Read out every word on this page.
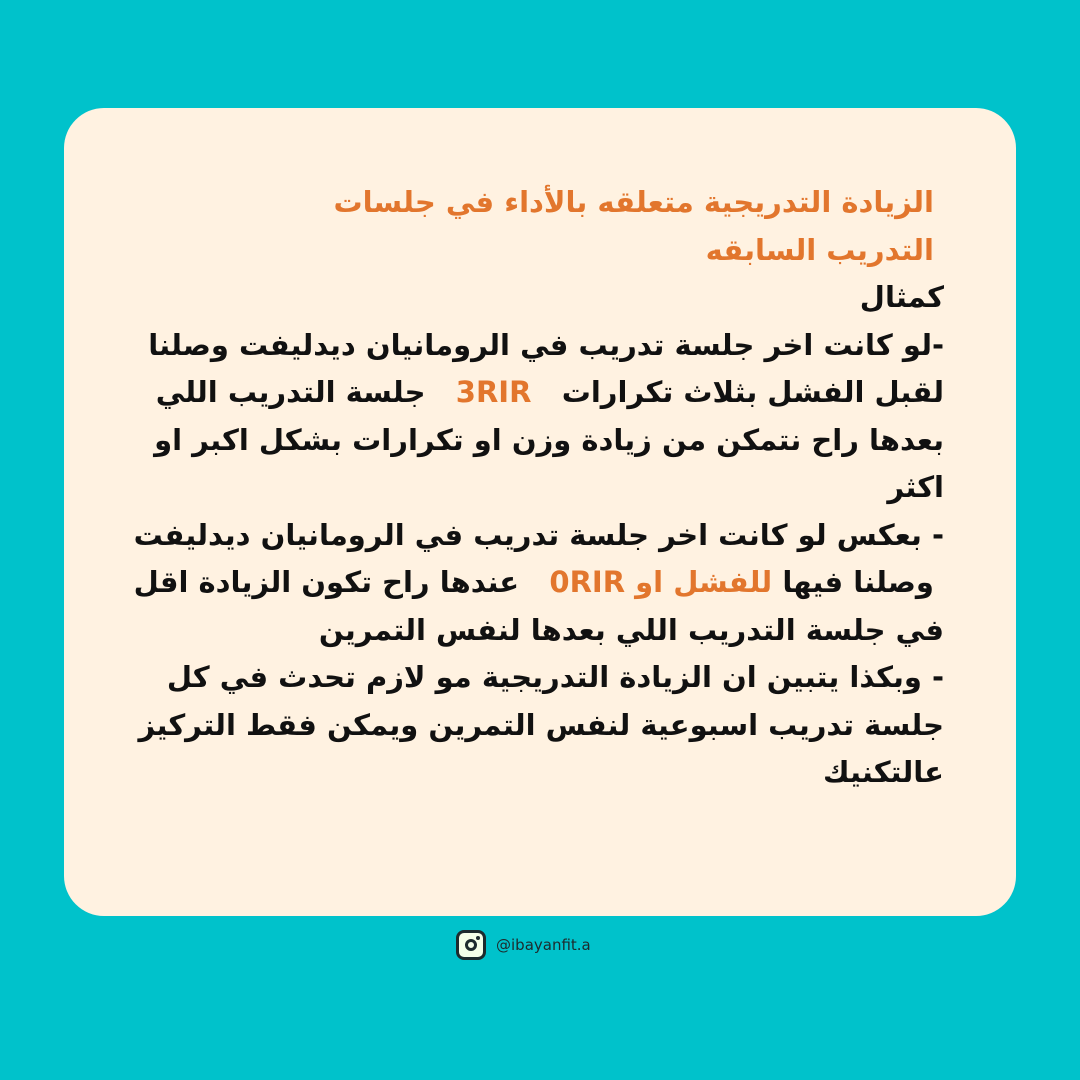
الزيادة التدريجية متعلقه بالأداء في جلسات
التدريب السابقه
كمثال
-لو كانت اخر جلسة تدريب في الرومانيان ديدليفت وصلنا
لقبل الفشل بثلاث تكرارات   3RIR   جلسة التدريب اللي
بعدها راح نتمكن من زيادة وزن او تكرارات بشكل اكبر او
اكثر
- بعكس لو كانت اخر جلسة تدريب في الرومانيان ديدليفت
وصلنا فيها للفشل او 0RIR   عندها راح تكون الزيادة اقل
في جلسة التدريب اللي بعدها لنفس التمرين
- وبكذا يتبين ان الزيادة التدريجية مو لازم تحدث في كل
جلسة تدريب اسبوعية لنفس التمرين ويمكن فقط التركيز
عالتكنيك
@ibayanfit.a
